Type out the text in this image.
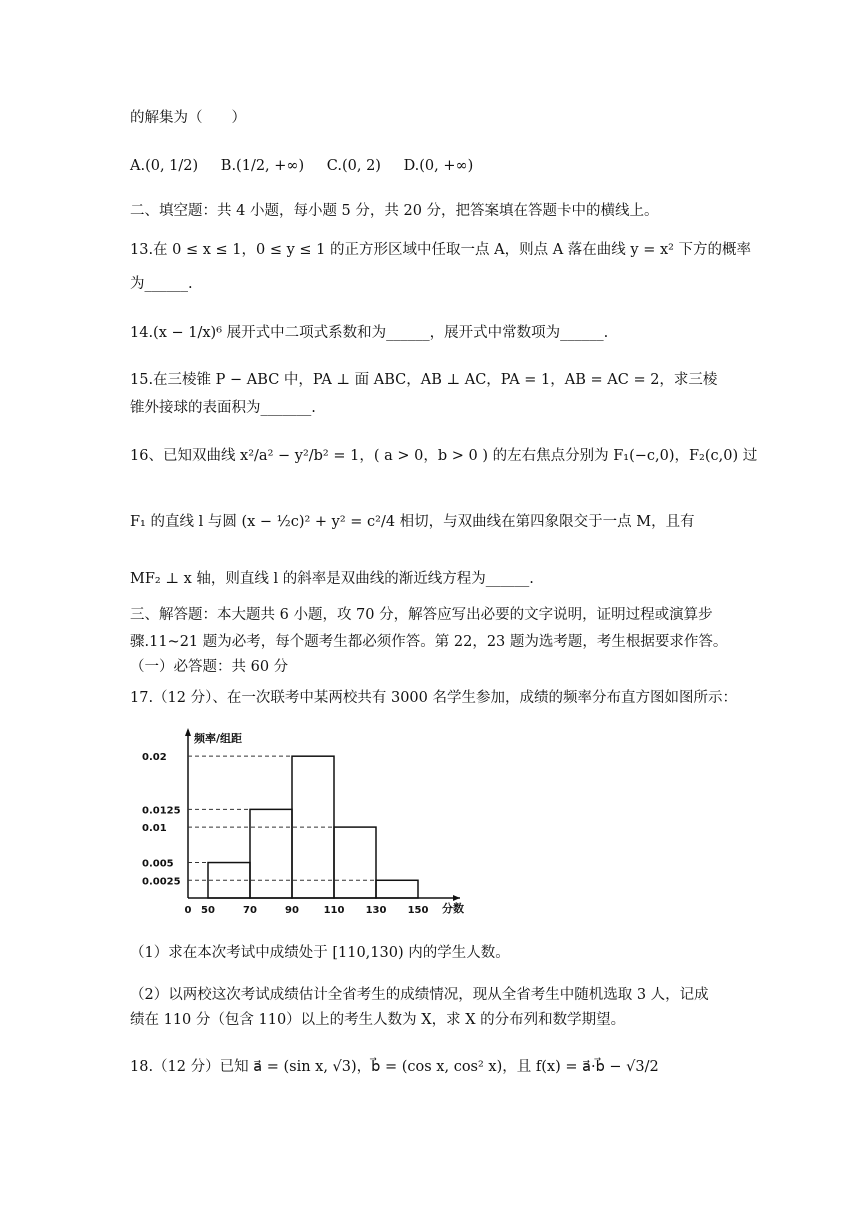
的解集为（　　）
A.(0, 1/2) B.(1/2, +∞) C.(0, 2) D.(0, +∞)
二、填空题：共 4 小题，每小题 5 分，共 20 分，把答案填在答题卡中的横线上。
13.在 0 ≤ x ≤ 1，0 ≤ y ≤ 1 的正方形区域中任取一点 A，则点 A 落在曲线 y = x² 下方的概率
为______.
14.(x − 1/x)⁶ 展开式中二项式系数和为______，展开式中常数项为______.
15.在三棱锥 P − ABC 中，PA ⊥ 面 ABC，AB ⊥ AC，PA = 1，AB = AC = 2，求三棱
锥外接球的表面积为_______.
16、已知双曲线 x²/a² − y²/b² = 1，( a > 0，b > 0 ) 的左右焦点分别为 F₁(−c,0)，F₂(c,0) 过
F₁ 的直线 l 与圆 (x − ½c)² + y² = c²/4 相切，与双曲线在第四象限交于一点 M，且有
MF₂ ⊥ x 轴，则直线 l 的斜率是双曲线的渐近线方程为______.
三、解答题：本大题共 6 小题，攻 70 分，解答应写出必要的文字说明，证明过程或演算步
骤.11~21 题为必考，每个题考生都必须作答。第 22，23 题为选考题，考生根据要求作答。
（一）必答题：共 60 分
17.（12 分）、在一次联考中某两校共有 3000 名学生参加，成绩的频率分布直方图如图所示：
频率/组距
分数
0.02
0.0125
0.01
0.005
0.0025
0 50	70	90 110 130 150
（1）求在本次考试中成绩处于 [110,130) 内的学生人数。
（2）以两校这次考试成绩估计全省考生的成绩情况，现从全省考生中随机选取 3 人，记成
绩在 110 分（包含 110）以上的考生人数为 X，求 X 的分布列和数学期望。
18.（12 分）已知 a⃗ = (sin x, √3)，b⃗ = (cos x, cos² x)，且 f(x) = a⃗·b⃗ − √3/2
